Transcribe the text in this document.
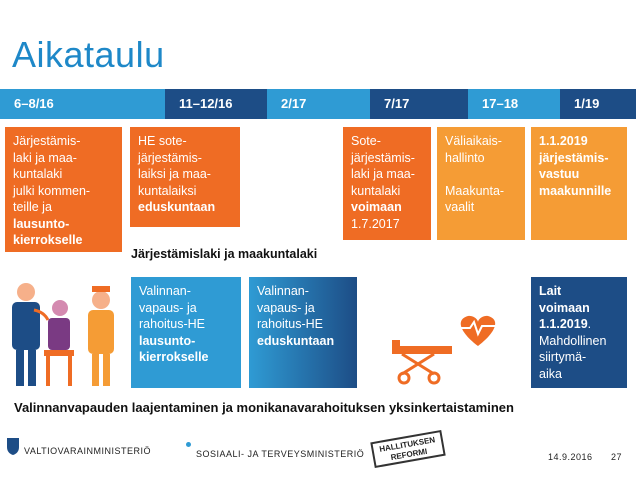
Aikataulu
6–8/16	11–12/16	2/17	7/17	17–18	1/19
Järjestämis-
laki ja maa-
kuntalaki
julki kommen-
teille ja
lausunto-
kierrokselle
HE sote-
järjestämis-
laiksi ja maa-
kuntalaiksi
eduskuntaan
Sote-
järjestämis-
laki ja maa-
kuntalaki
voimaan
1.7.2017
Väliaikais-
hallinto

Maakunta-
vaalit
1.1.2019
järjestämis-
vastuu
maakunnille
Järjestämislaki ja maakuntalaki
Valinnan-
vapaus- ja
rahoitus-HE
lausunto-
kierrokselle
Valinnan-
vapaus- ja
rahoitus-HE
eduskuntaan
Lait
voimaan
1.1.2019. Mahdollinen
siirtymä-
aika
Valinnanvapauden laajentaminen ja monikanavarahoituksen yksinkertaistaminen
VALTIOVARAINMINISTERIÖ	SOSIAALI- JA TERVEYSMINISTERIÖ
HALLITUKSEN
REFORMI	14.9.2016 27
